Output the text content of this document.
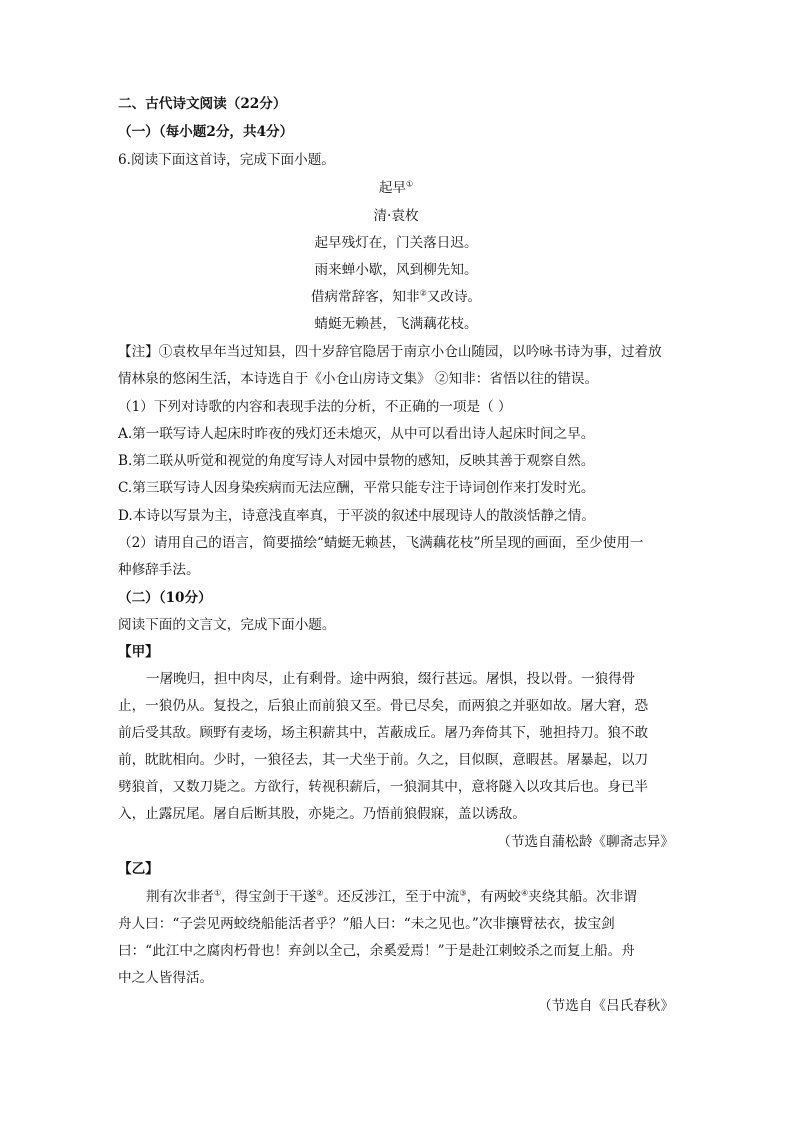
二、古代诗文阅读（22分）
（一）（每小题2分，共4分）
6.阅读下面这首诗，完成下面小题。
起早①
清·袁枚
起早残灯在，门关落日迟。
雨来蝉小歇，风到柳先知。
借病常辞客，知非②又改诗。
蜻蜓无赖甚，飞满藕花枝。
【注】①袁枚早年当过知县，四十岁辞官隐居于南京小仓山随园，以吟咏书诗为事，过着放
情林泉的悠闲生活，本诗选自于《小仓山房诗文集》 ②知非：省悟以往的错误。
（1）下列对诗歌的内容和表现手法的分析，不正确的一项是（ ）
A.第一联写诗人起床时昨夜的残灯还未熄灭，从中可以看出诗人起床时间之早。
B.第二联从听觉和视觉的角度写诗人对园中景物的感知，反映其善于观察自然。
C.第三联写诗人因身染疾病而无法应酬，平常只能专注于诗词创作来打发时光。
D.本诗以写景为主，诗意浅直率真，于平淡的叙述中展现诗人的散淡恬静之情。
（2）请用自己的语言，简要描绘“蜻蜓无赖甚，飞满藕花枝”所呈现的画面，至少使用一
种修辞手法。
（二）（10分）
阅读下面的文言文，完成下面小题。
【甲】
一屠晚归，担中肉尽，止有剩骨。途中两狼，缀行甚远。屠惧，投以骨。一狼得骨
止，一狼仍从。复投之，后狼止而前狼又至。骨已尽矣，而两狼之并驱如故。屠大窘，恐
前后受其敌。顾野有麦场，场主积薪其中，苫蔽成丘。屠乃奔倚其下，驰担持刀。狼不敢
前，眈眈相向。少时，一狼径去，其一犬坐于前。久之，目似瞑，意暇甚。屠暴起，以刀
劈狼首，又数刀毙之。方欲行，转视积薪后，一狼洞其中，意将隧入以攻其后也。身已半
入，止露尻尾。屠自后断其股，亦毙之。乃悟前狼假寐，盖以诱敌。
（节选自蒲松龄《聊斋志异》
【乙】
荆有次非者①，得宝剑于干遂②。还反涉江，至于中流③，有两蛟④夹绕其船。次非谓
舟人曰：“子尝见两蛟绕船能活者乎？”船人曰：“未之见也。”次非攘臂祛衣，拔宝剑
曰：“此江中之腐肉朽骨也！弃剑以全己，余奚爱焉！”于是赴江刺蛟杀之而复上船。舟
中之人皆得活。
（节选自《吕氏春秋》
